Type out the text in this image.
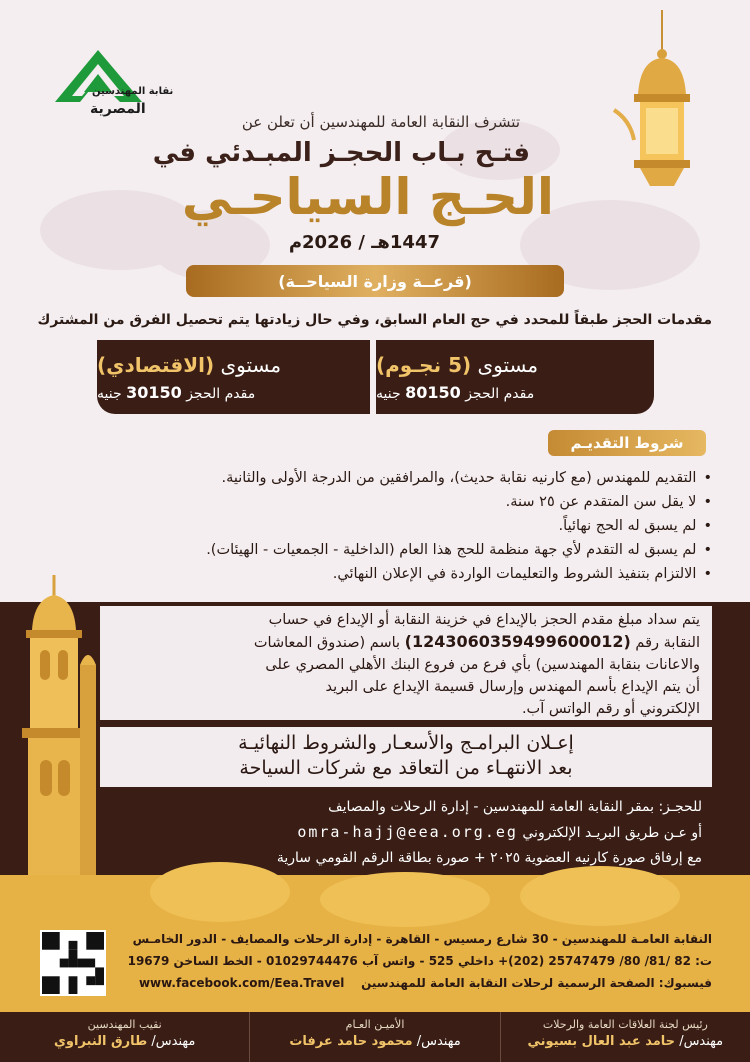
نقابة المهندسين
المصرية
تتشرف النقابة العامة للمهندسين أن تعلن عن
فتـح بـاب الحجـز المبـدئي في
الحـج السياحـي
1447هـ / 2026م
(قرعــة وزارة السياحــة)
مقدمات الحجز طبقاً للمحدد في حج العام السابق، وفي حال زيادتها يتم تحصيل الفرق من المشترك
مستوى (5 نجـوم)
مقدم الحجز 80150 جنيه
مستوى (الاقتصادي)
مقدم الحجز 30150 جنيه
شروط التقديـم
• التقديم للمهندس (مع كارنيه نقابة حديث)، والمرافقين من الدرجة الأولى والثانية.
• لا يقل سن المتقدم عن ٢٥ سنة.
• لم يسبق له الحج نهائياً.
• لم يسبق له التقدم لأي جهة منظمة للحج هذا العام (الداخلية - الجمعيات - الهيئات).
• الالتزام بتنفيذ الشروط والتعليمات الواردة في الإعلان النهائي.

يتم سداد مبلغ مقدم الحجز بالإيداع في خزينة النقابة أو الإيداع في حساب

النقابة رقم (1243060359499600012) باسم (صندوق المعاشات

والاعانات بنقابة المهندسين) بأي فرع من فروع البنك الأهلي المصري على

أن يتم الإيداع بأسم المهندس وإرسال قسيمة الإيداع على البريد

الإلكتروني أو رقم الواتس آب.

إعـلان البرامـج والأسعـار والشروط النهائيـة
بعد الانتهـاء من التعاقد مع شركات السياحة
للحجـز: بمقر النقابة العامة للمهندسين - إدارة الرحلات والمصايف
أو عـن طريق البريـد الإلكتروني omra-hajj@eea.org.eg
مع إرفاق صورة كارنيه العضوية ٢٠٢٥ + صورة بطاقة الرقم القومي سارية
النقابة العامـة للمهندسين - 30 شارع رمسيس - القاهرة - إدارة الرحلات والمصايف - الدور الخامـس
ت: 82 /81/ 80/ 25747479 (202)+ داخلي 525 - واتس آب 01029744476 - الخط الساخن 19679
فيسبوك: الصفحة الرسمية لرحلات النقابة العامة للمهندسين    www.facebook.com/Eea.Travel
رئيس لجنة العلاقات العامة والرحلات
مهندس/ حامد عبد العال بسيوني
الأميـن العـام
مهندس/ محمود حامد عرفات
نقيب المهندسين
مهندس/ طارق النبراوي
